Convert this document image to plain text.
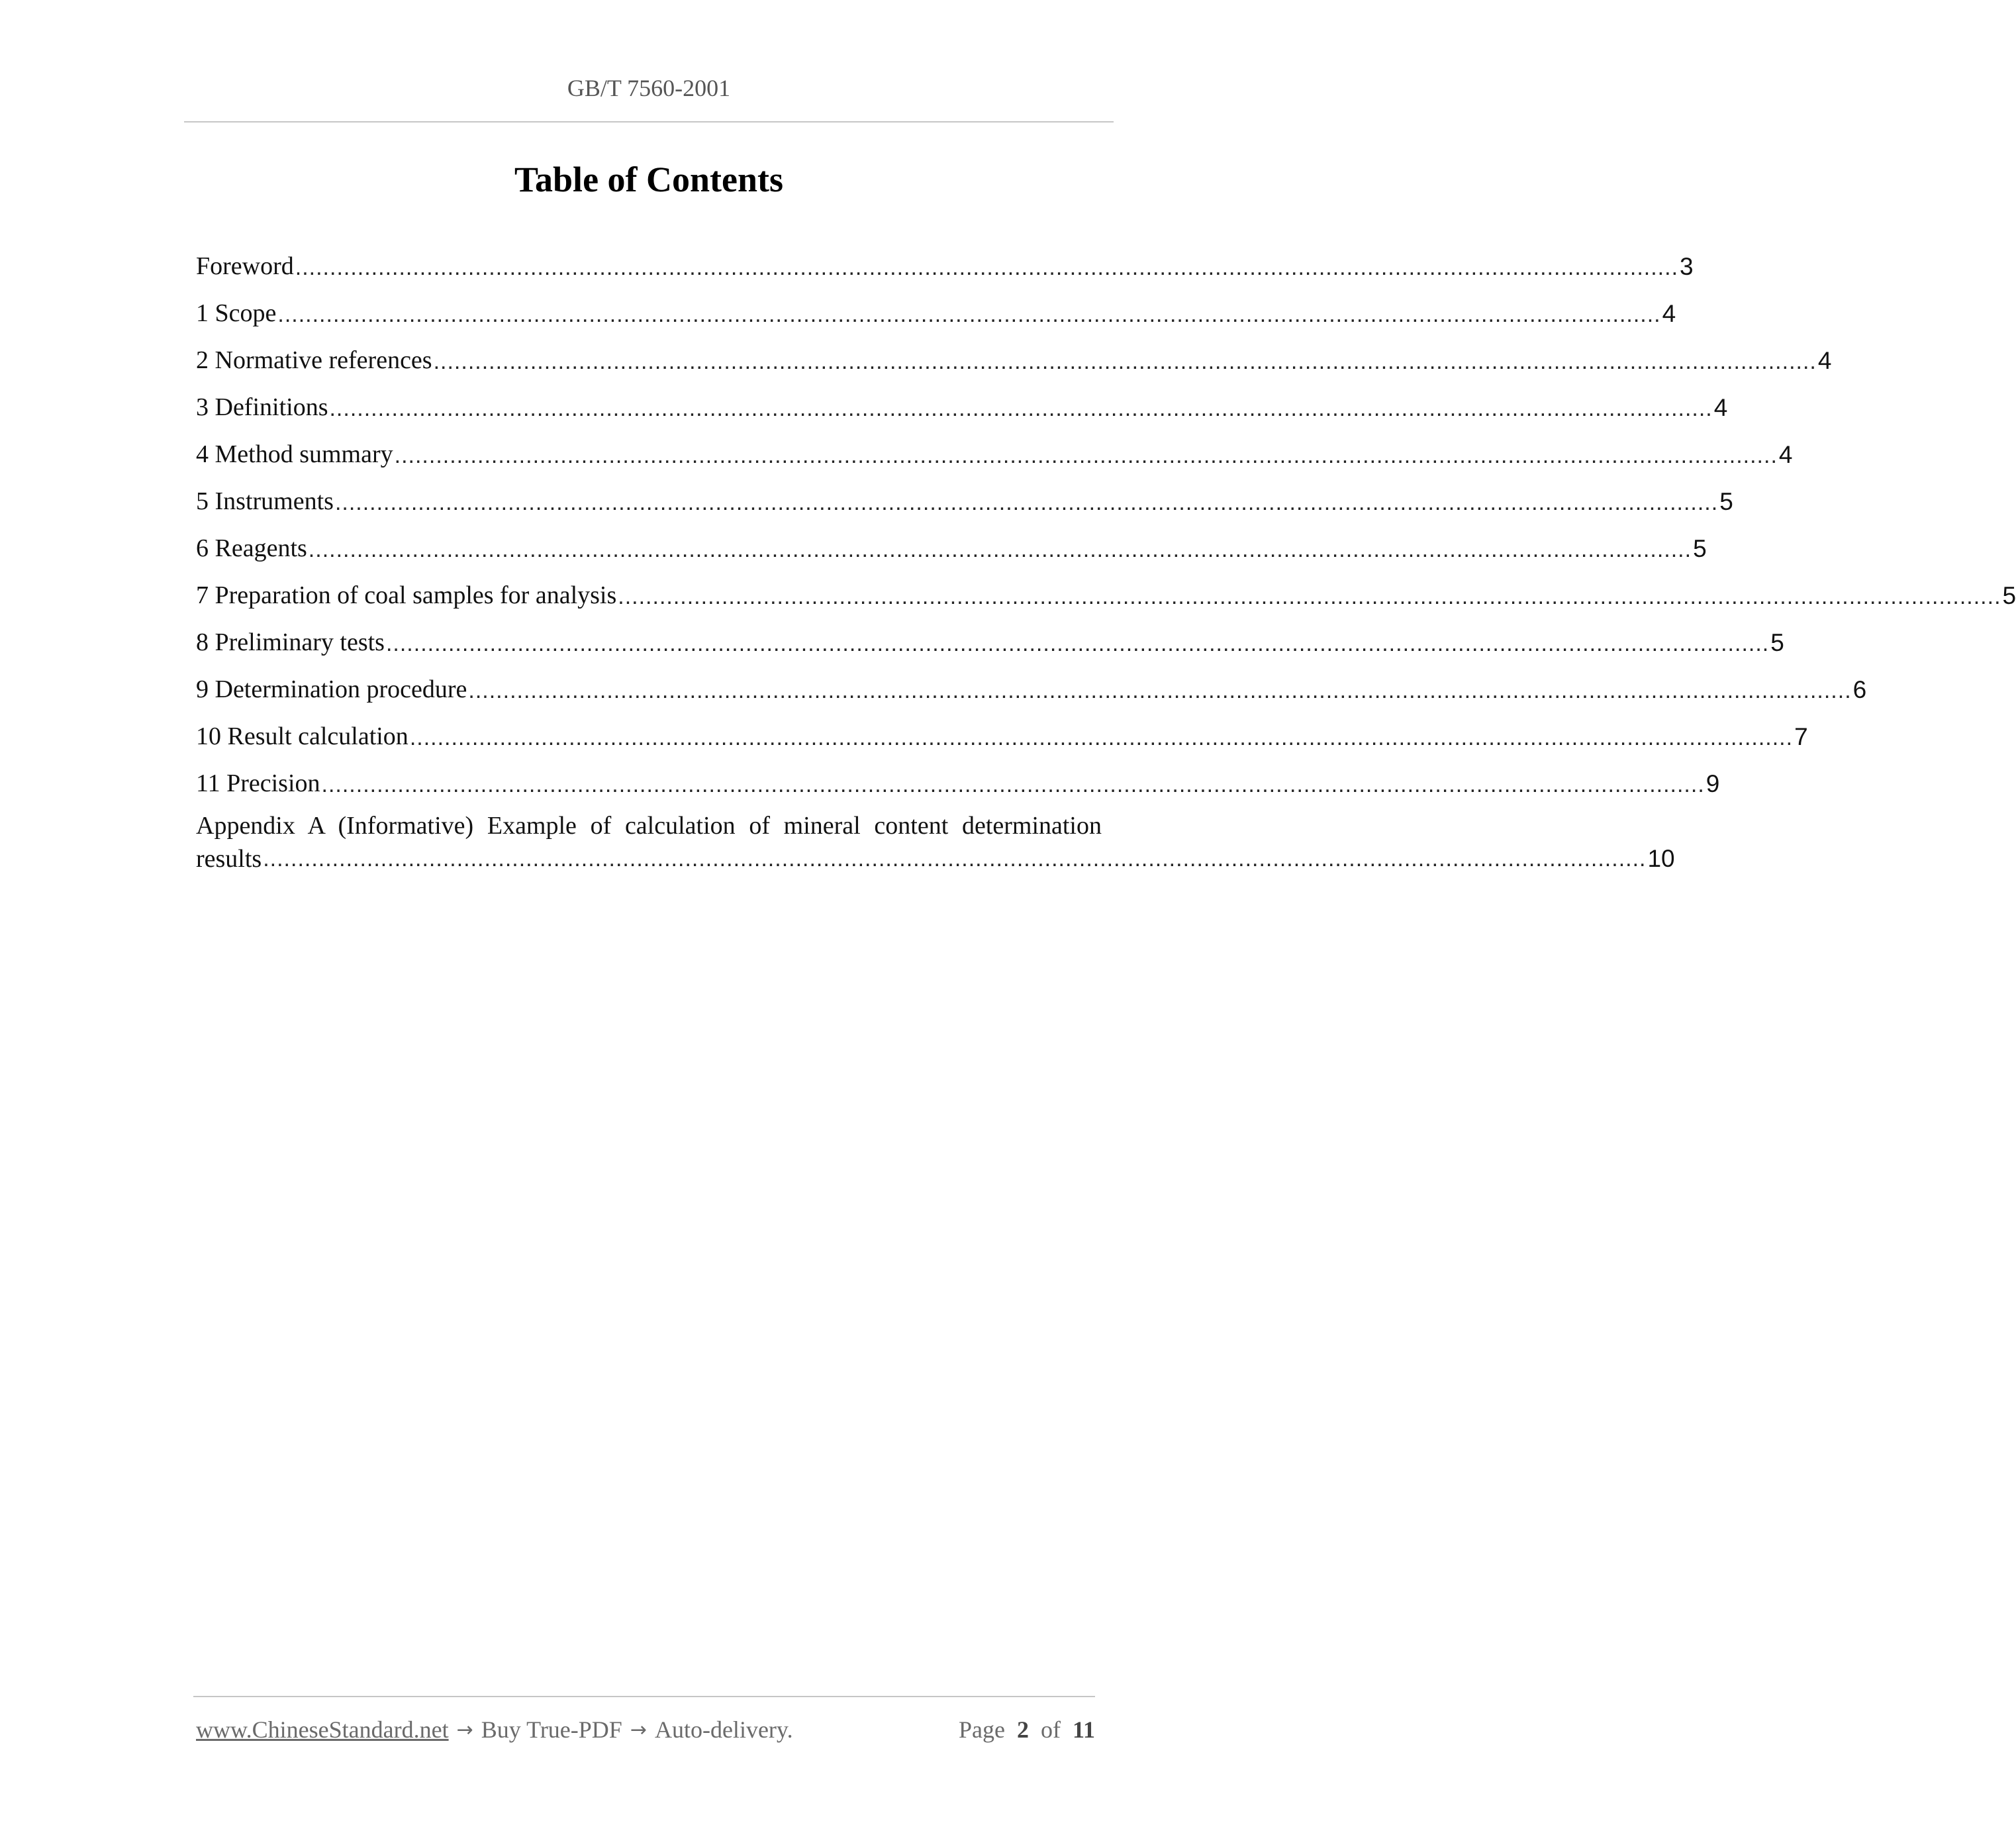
GB/T 7560-2001
Table of Contents
Foreword ........................................................................................................................................................................................................ 3
1 Scope ........................................................................................................................................................................................................ 4
2 Normative references ........................................................................................................................................................................................................ 4
3 Definitions ........................................................................................................................................................................................................ 4
4 Method summary ........................................................................................................................................................................................................ 4
5 Instruments ........................................................................................................................................................................................................ 5
6 Reagents ........................................................................................................................................................................................................ 5
7 Preparation of coal samples for analysis ........................................................................................................................................................................................................ 5
8 Preliminary tests ........................................................................................................................................................................................................ 5
9 Determination procedure ........................................................................................................................................................................................................ 6
10 Result calculation ........................................................................................................................................................................................................ 7
11 Precision ........................................................................................................................................................................................................ 9
Appendix A (Informative) Example of calculation of mineral content determination
results ........................................................................................................................................................................................................ 10
www.ChineseStandard.net → Buy True-PDF → Auto-delivery.	Page 2 of 11
